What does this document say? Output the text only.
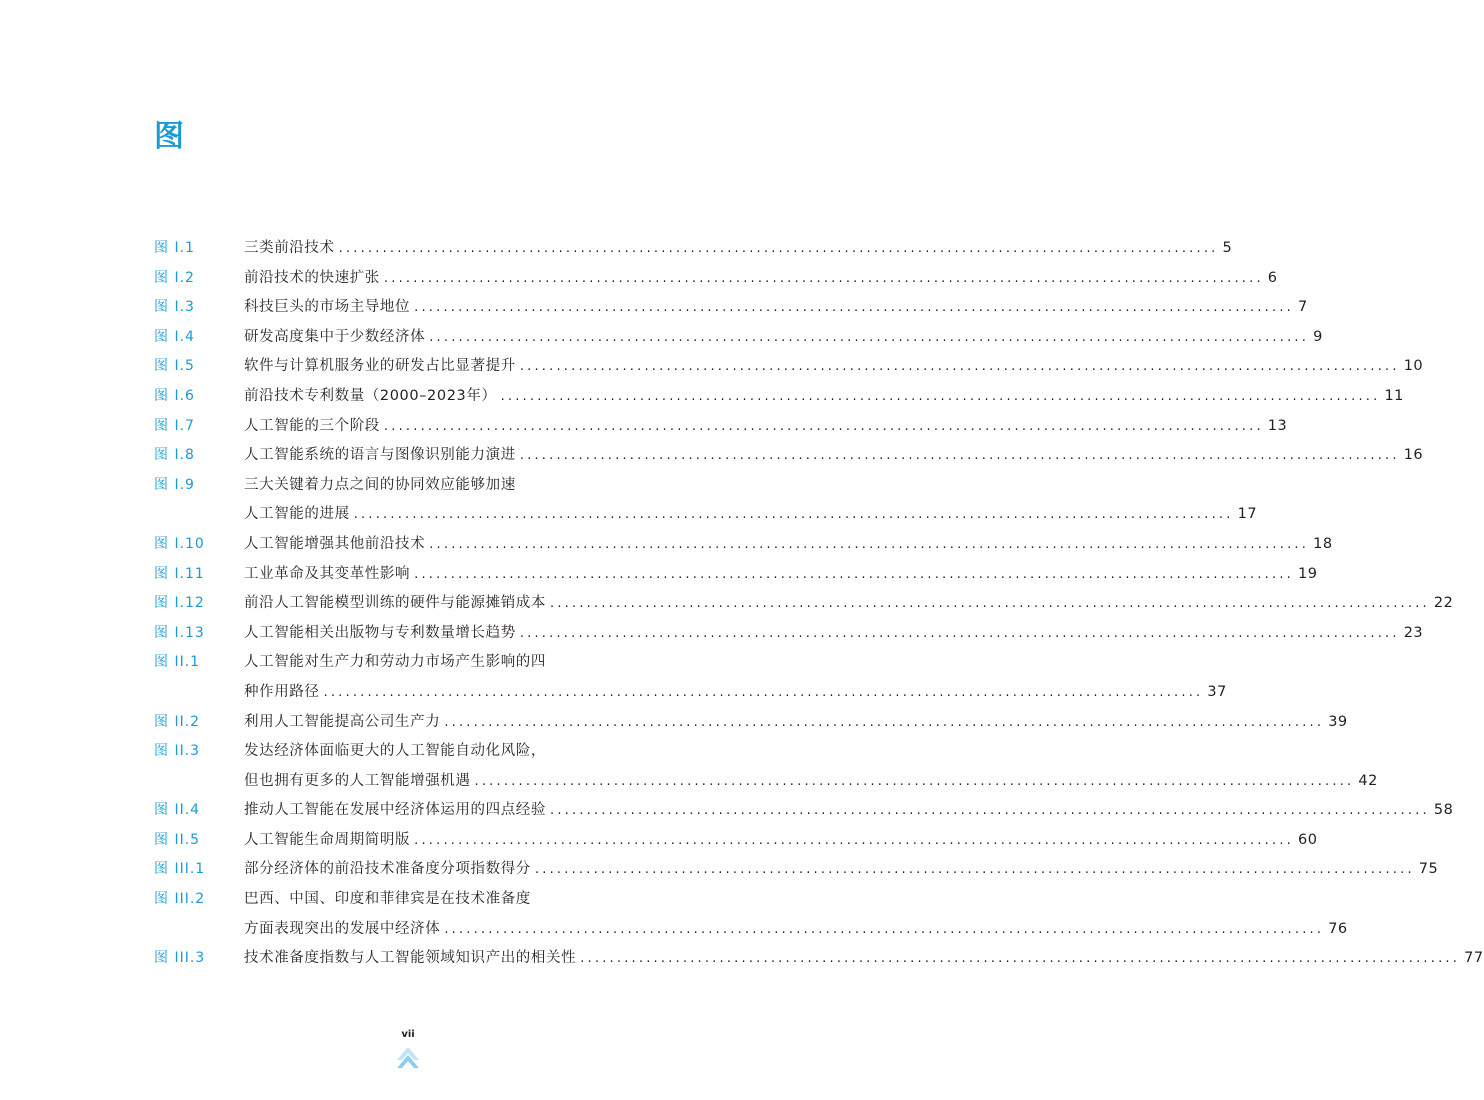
图
图 I.1	三类前沿技术 ........................................................................................................................ 5
图 I.2	前沿技术的快速扩张 ........................................................................................................................ 6
图 I.3	科技巨头的市场主导地位 ........................................................................................................................ 7
图 I.4	研发高度集中于少数经济体 ........................................................................................................................ 9
图 I.5	软件与计算机服务业的研发占比显著提升 ........................................................................................................................ 10
图 I.6	前沿技术专利数量（2000–2023年） ........................................................................................................................ 11
图 I.7	人工智能的三个阶段 ........................................................................................................................ 13
图 I.8	人工智能系统的语言与图像识别能力演进 ........................................................................................................................ 16
图 I.9	三大关键着力点之间的协同效应能够加速
人工智能的进展 ........................................................................................................................ 17
图 I.10	人工智能增强其他前沿技术 ........................................................................................................................ 18
图 I.11	工业革命及其变革性影响 ........................................................................................................................ 19
图 I.12	前沿人工智能模型训练的硬件与能源摊销成本 ........................................................................................................................ 22
图 I.13	人工智能相关出版物与专利数量增长趋势 ........................................................................................................................ 23
图 II.1	人工智能对生产力和劳动力市场产生影响的四
种作用路径 ........................................................................................................................ 37
图 II.2	利用人工智能提高公司生产力 ........................................................................................................................ 39
图 II.3	发达经济体面临更大的人工智能自动化风险，
但也拥有更多的人工智能增强机遇 ........................................................................................................................ 42
图 II.4	推动人工智能在发展中经济体运用的四点经验 ........................................................................................................................ 58
图 II.5	人工智能生命周期简明版 ........................................................................................................................ 60
图 III.1	部分经济体的前沿技术准备度分项指数得分 ........................................................................................................................ 75
图 III.2	巴西、中国、印度和菲律宾是在技术准备度
方面表现突出的发展中经济体 ........................................................................................................................ 76
图 III.3	技术准备度指数与人工智能领域知识产出的相关性 ........................................................................................................................ 77
vii
